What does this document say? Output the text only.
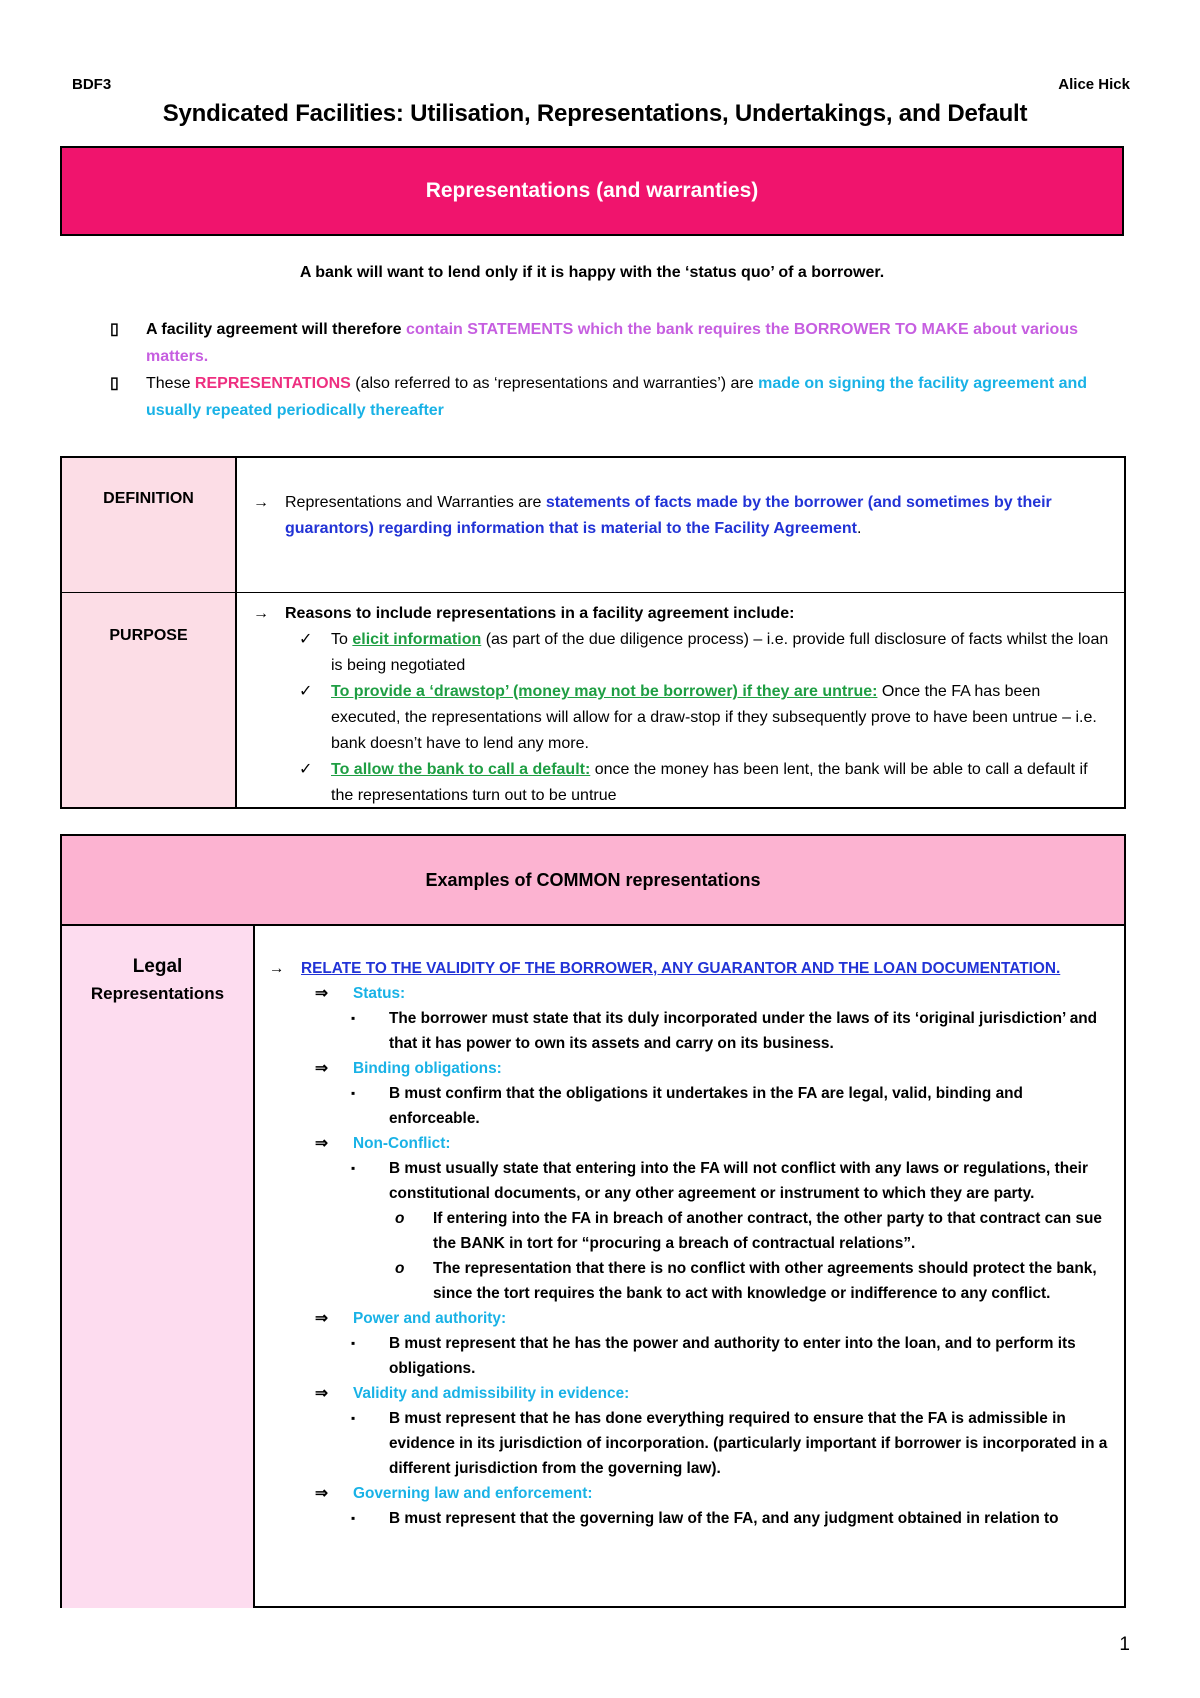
BDF3	Alice Hick
Syndicated Facilities: Utilisation, Representations, Undertakings, and Default
Representations (and warranties)
A bank will want to lend only if it is happy with the ‘status quo’ of a borrower.
▯ A facility agreement will therefore contain STATEMENTS which the bank requires the BORROWER TO MAKE about various matters.
▯ These REPRESENTATIONS (also referred to as ‘representations and warranties’) are made on signing the facility agreement and usually repeated periodically thereafter
DEFINITION	→ Representations and Warranties are statements of facts made by the borrower (and sometimes by their guarantors) regarding information that is material to the Facility Agreement.
PURPOSE
→ Reasons to include representations in a facility agreement include:
✓ To elicit information (as part of the due diligence process) – i.e. provide full disclosure of facts whilst the loan is being negotiated
✓ To provide a ‘drawstop’ (money may not be borrower) if they are untrue: Once the FA has been executed, the representations will allow for a draw-stop if they subsequently prove to have been untrue – i.e. bank doesn’t have to lend any more.
✓ To allow the bank to call a default: once the money has been lent, the bank will be able to call a default if the representations turn out to be untrue
Examples of COMMON representations
Legal
Representations
→ RELATE TO THE VALIDITY OF THE BORROWER, ANY GUARANTOR AND THE LOAN DOCUMENTATION.
⇒ Status:
▪ The borrower must state that its duly incorporated under the laws of its ‘original jurisdiction’ and that it has power to own its assets and carry on its business.
⇒ Binding obligations:
▪ B must confirm that the obligations it undertakes in the FA are legal, valid, binding and enforceable.
⇒ Non-Conflict:
▪ B must usually state that entering into the FA will not conflict with any laws or regulations, their constitutional documents, or any other agreement or instrument to which they are party.
o If entering into the FA in breach of another contract, the other party to that contract can sue the BANK in tort for “procuring a breach of contractual relations”.
o The representation that there is no conflict with other agreements should protect the bank, since the tort requires the bank to act with knowledge or indifference to any conflict.
⇒ Power and authority:
▪ B must represent that he has the power and authority to enter into the loan, and to perform its obligations.
⇒ Validity and admissibility in evidence:
▪ B must represent that he has done everything required to ensure that the FA is admissible in evidence in its jurisdiction of incorporation. (particularly important if borrower is incorporated in a different jurisdiction from the governing law).
⇒ Governing law and enforcement:
▪ B must represent that the governing law of the FA, and any judgment obtained in relation to
1
